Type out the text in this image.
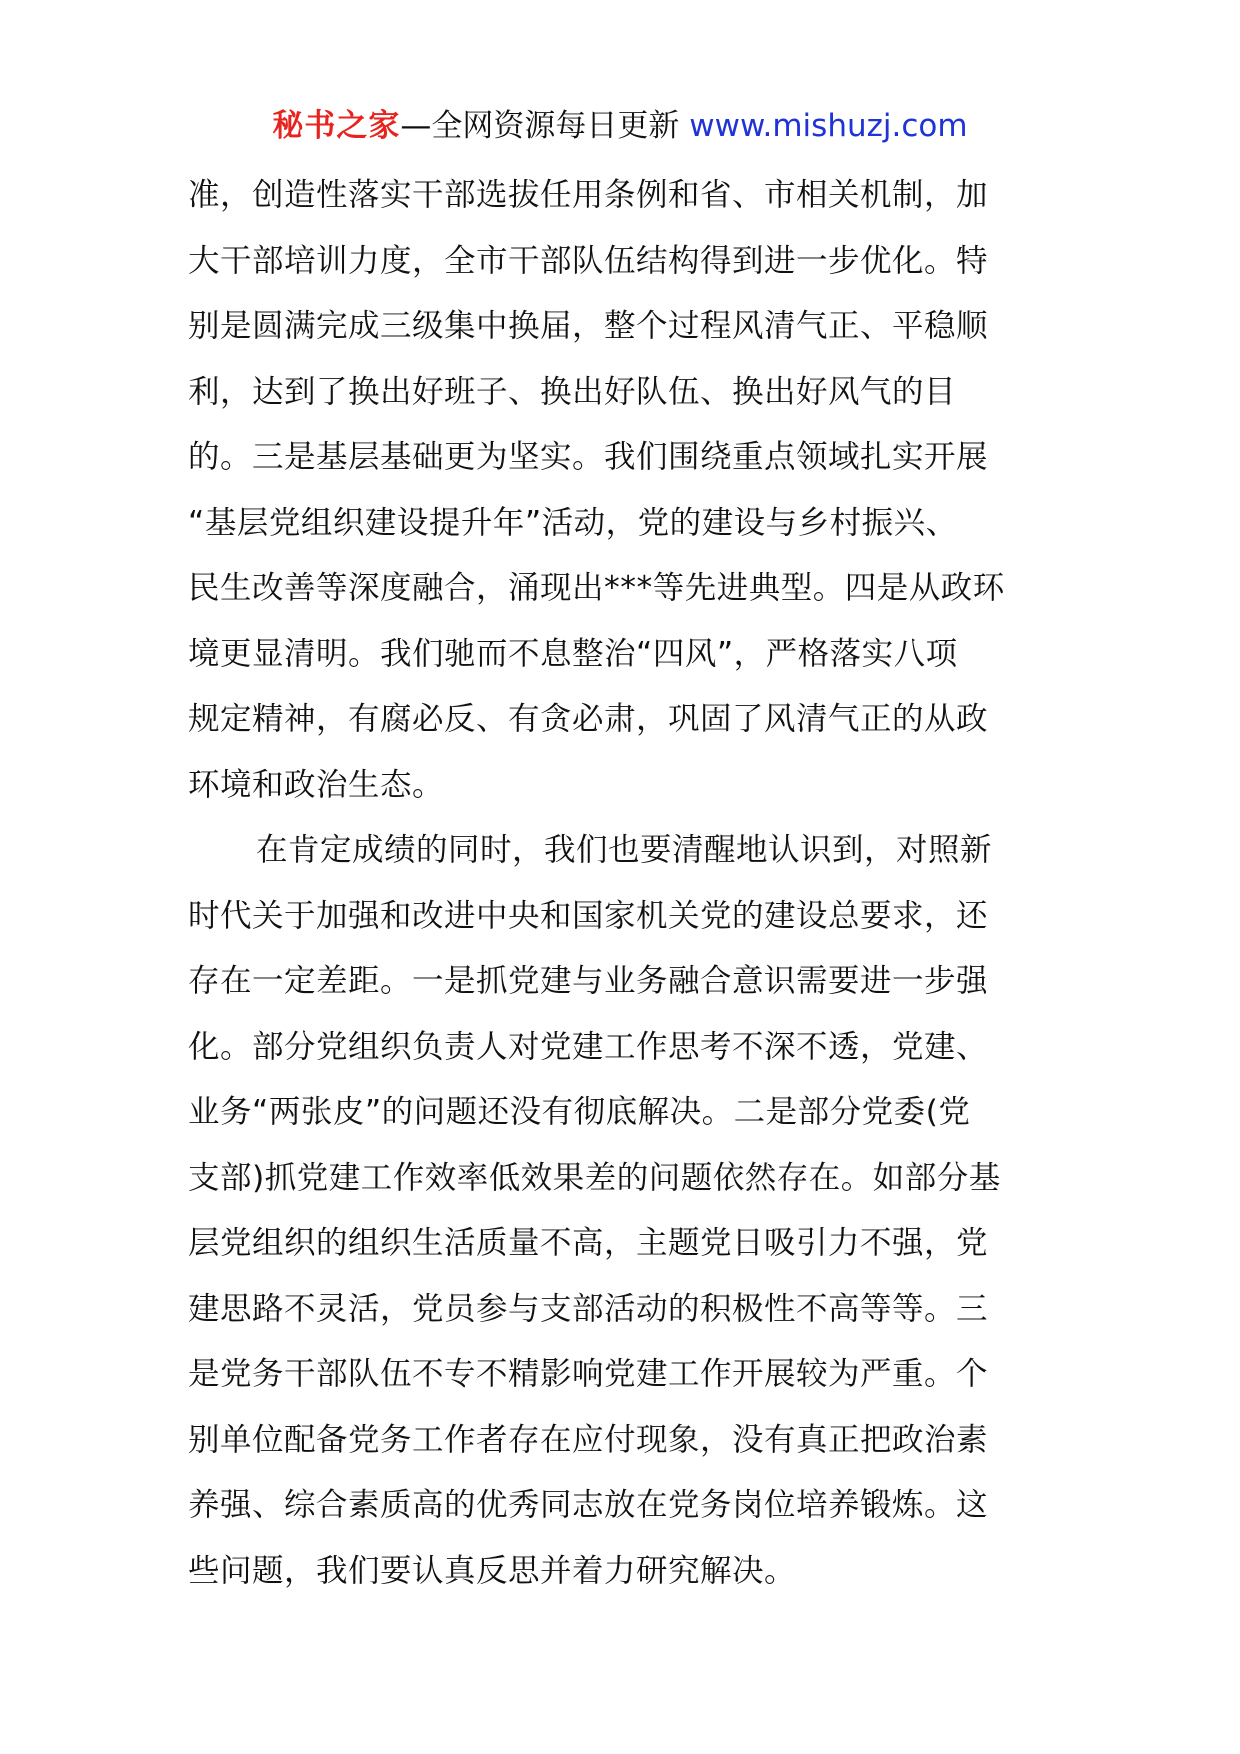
秘书之家—全网资源每日更新 www.mishuzj.com
准，创造性落实干部选拔任用条例和省、市相关机制，加
大干部培训力度，全市干部队伍结构得到进一步优化。特
别是圆满完成三级集中换届，整个过程风清气正、平稳顺
利，达到了换出好班子、换出好队伍、换出好风气的目
的。三是基层基础更为坚实。我们围绕重点领域扎实开展
“基层党组织建设提升年”活动，党的建设与乡村振兴、
民生改善等深度融合，涌现出***等先进典型。四是从政环
境更显清明。我们驰而不息整治“四风”，严格落实八项
规定精神，有腐必反、有贪必肃，巩固了风清气正的从政
环境和政治生态。
在肯定成绩的同时，我们也要清醒地认识到，对照新
时代关于加强和改进中央和国家机关党的建设总要求，还
存在一定差距。一是抓党建与业务融合意识需要进一步强
化。部分党组织负责人对党建工作思考不深不透，党建、
业务“两张皮”的问题还没有彻底解决。二是部分党委(党
支部)抓党建工作效率低效果差的问题依然存在。如部分基
层党组织的组织生活质量不高，主题党日吸引力不强，党
建思路不灵活，党员参与支部活动的积极性不高等等。三
是党务干部队伍不专不精影响党建工作开展较为严重。个
别单位配备党务工作者存在应付现象，没有真正把政治素
养强、综合素质高的优秀同志放在党务岗位培养锻炼。这
些问题，我们要认真反思并着力研究解决。
